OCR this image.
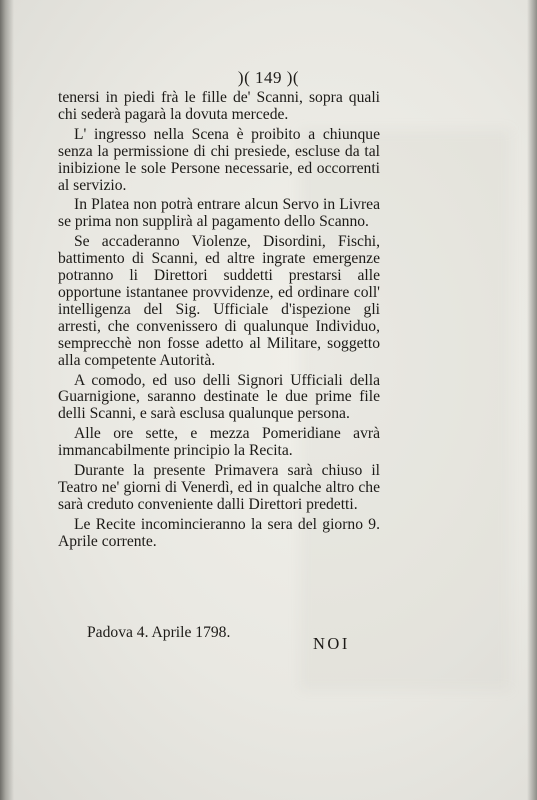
)( 149 )(

tenersi in piedi frà le fille de' Scanni, sopra quali chi sederà pagarà la dovuta mercede.

L' ingresso nella Scena è proibito a chiunque senza la permissione di chi presiede, escluse da tal inibizione le sole Persone necessarie, ed occorrenti al servizio.

In Platea non potrà entrare alcun Servo in Livrea se prima non supplirà al pagamento dello Scanno.

Se accaderanno Violenze, Disordini, Fischi, battimento di Scanni, ed altre ingrate emergenze potranno li Direttori suddetti prestarsi alle opportune istantanee provvidenze, ed ordinare coll' intelligenza del Sig. Ufficiale d'ispezione gli arresti, che convenissero di qualunque Individuo, semprecchè non fosse adetto al Militare, soggetto alla competente Autorità.

A comodo, ed uso delli Signori Ufficiali della Guarnigione, saranno destinate le due prime file delli Scanni, e sarà esclusa qualunque persona.

Alle ore sette, e mezza Pomeridiane avrà immancabilmente principio la Recita.

Durante la presente Primavera sarà chiuso il Teatro ne' giorni di Venerdì, ed in qualche altro che sarà creduto conveniente dalli Direttori predetti.

Le Recite incomincieranno la sera del giorno 9. Aprile corrente.

Padova 4. Aprile 1798.
NOI
